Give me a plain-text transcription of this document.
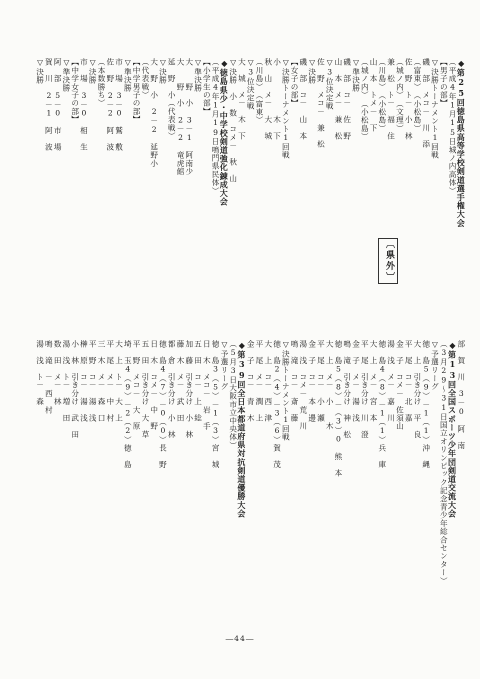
◆第25回徳島県高等学校剣道選手権大会
（平成4年1月15日城ノ内高体）
【男子の部】
▽決勝トーナメント1回戦
磯　部　メコ－　川　添
（富東）　（小松島）
佐　野　ト－　小　林
（城ノ内）　（文理）
兼　松　ト－　福　住
（川島）　（小松島）
山　本　トメ－　下
（城ノ内）　（小松島）
▽準決勝
磯　部　コ－　佐　野
山　本　メ－　兼　松
▽3位決定戦
佐　野　メコ－　兼　松
▽決勝
磯　部　コ－　山　本
【女子の部】
▽決勝トーナメント1回戦
小　　　　　　木　下
秋　山　メ－　大　城
（川島）　（富東）
▽3位決定戦
大　城　メ－　木　下
▽決勝　小　数　コメ－　秋　山
◆徳島県少・中学校剣道強化錬成大会
（平成4年1月19日鳴門県民体）
【小学生の部】
▽準決勝
大　　野　小　3－1　阿南少
大　　野　小　2－2　竜虎館
延　野　小（代表戦）
▽決勝
大　野　小　2－2　延野小
（代表戦）
【中学男子の部】
▽準決勝
市　場　3－0　鷲　敷
佐　野　2－2　阿　波
（本数勝ち）
▽決勝
市　場　3－0　相　生
【中学女子の部】
▽準決勝
阿　部　5－0　市　場
賀　川　2－1　阿　波
▽決勝
部　賀　川　3－0　阿　南
◆第13回全国スポーツ少年団剣道交流大会
（3月29～31日国立オリンピック記念青少年総合センター）
▽予選リーグ
徳　島5（9）－1（1）沖　縄
大　上　引き分け　平　良
平　尾　コ－　北　嘉
金　子　コメ－　佐須山
湯　浅　メ－　嘉　川
徳　島4（8）－1（1）兵　庫
大　上　メ－　宮　本
平　尾　引き分け　川　澄
金　子　メ－　湯　浅
鳴　滝　引き分け　神　松
徳　島5（8）－（3）0　熊　本
大　上　メ－　小　　木
平　尾　コ－　小　瀬
金　子　コ－　本　邊
湯　浅　コメ－　荒　川
鳴　滝　コ－　斎　藤
▽決勝トーナメント1回戦
徳　島2（4）－3（6）賀　茂
大　上　コ－　西　津
平　尾　メ－　潤　上
金　子　コ－　青　木
◆第39回全日本都道府県対抗剣道優勝大会
（5月3日大阪市立中央体）
▽予選リーグ
徳　島3（5）－1（3）宮　城
日　木　メコ－　岩　手
五　田　コ－　上　総
加　藤　引き分け　小　林
藤　木　メ－　武　田
都　倉　引き分け　小　林
徳　島4（7）－0（0）長　野
日　木　コメ－　中　野
五　田　引き分け　大　草
平　野　メコ－　大　原
埼　玉4（9）－2（2）徳　島
大　上　ト－　大　上
平　尾　メ－　中　村
三　木　メ－　森　口
平　野　コ－　湯　浅
榊　原　コ－　湯　浅
小　林　引き分け　武　田
湯　浅　ト－　増　田
数　田　メ－　林
鳴　滝　－　西　村
湯　浅　ト－　森
〔県外〕
―44―
